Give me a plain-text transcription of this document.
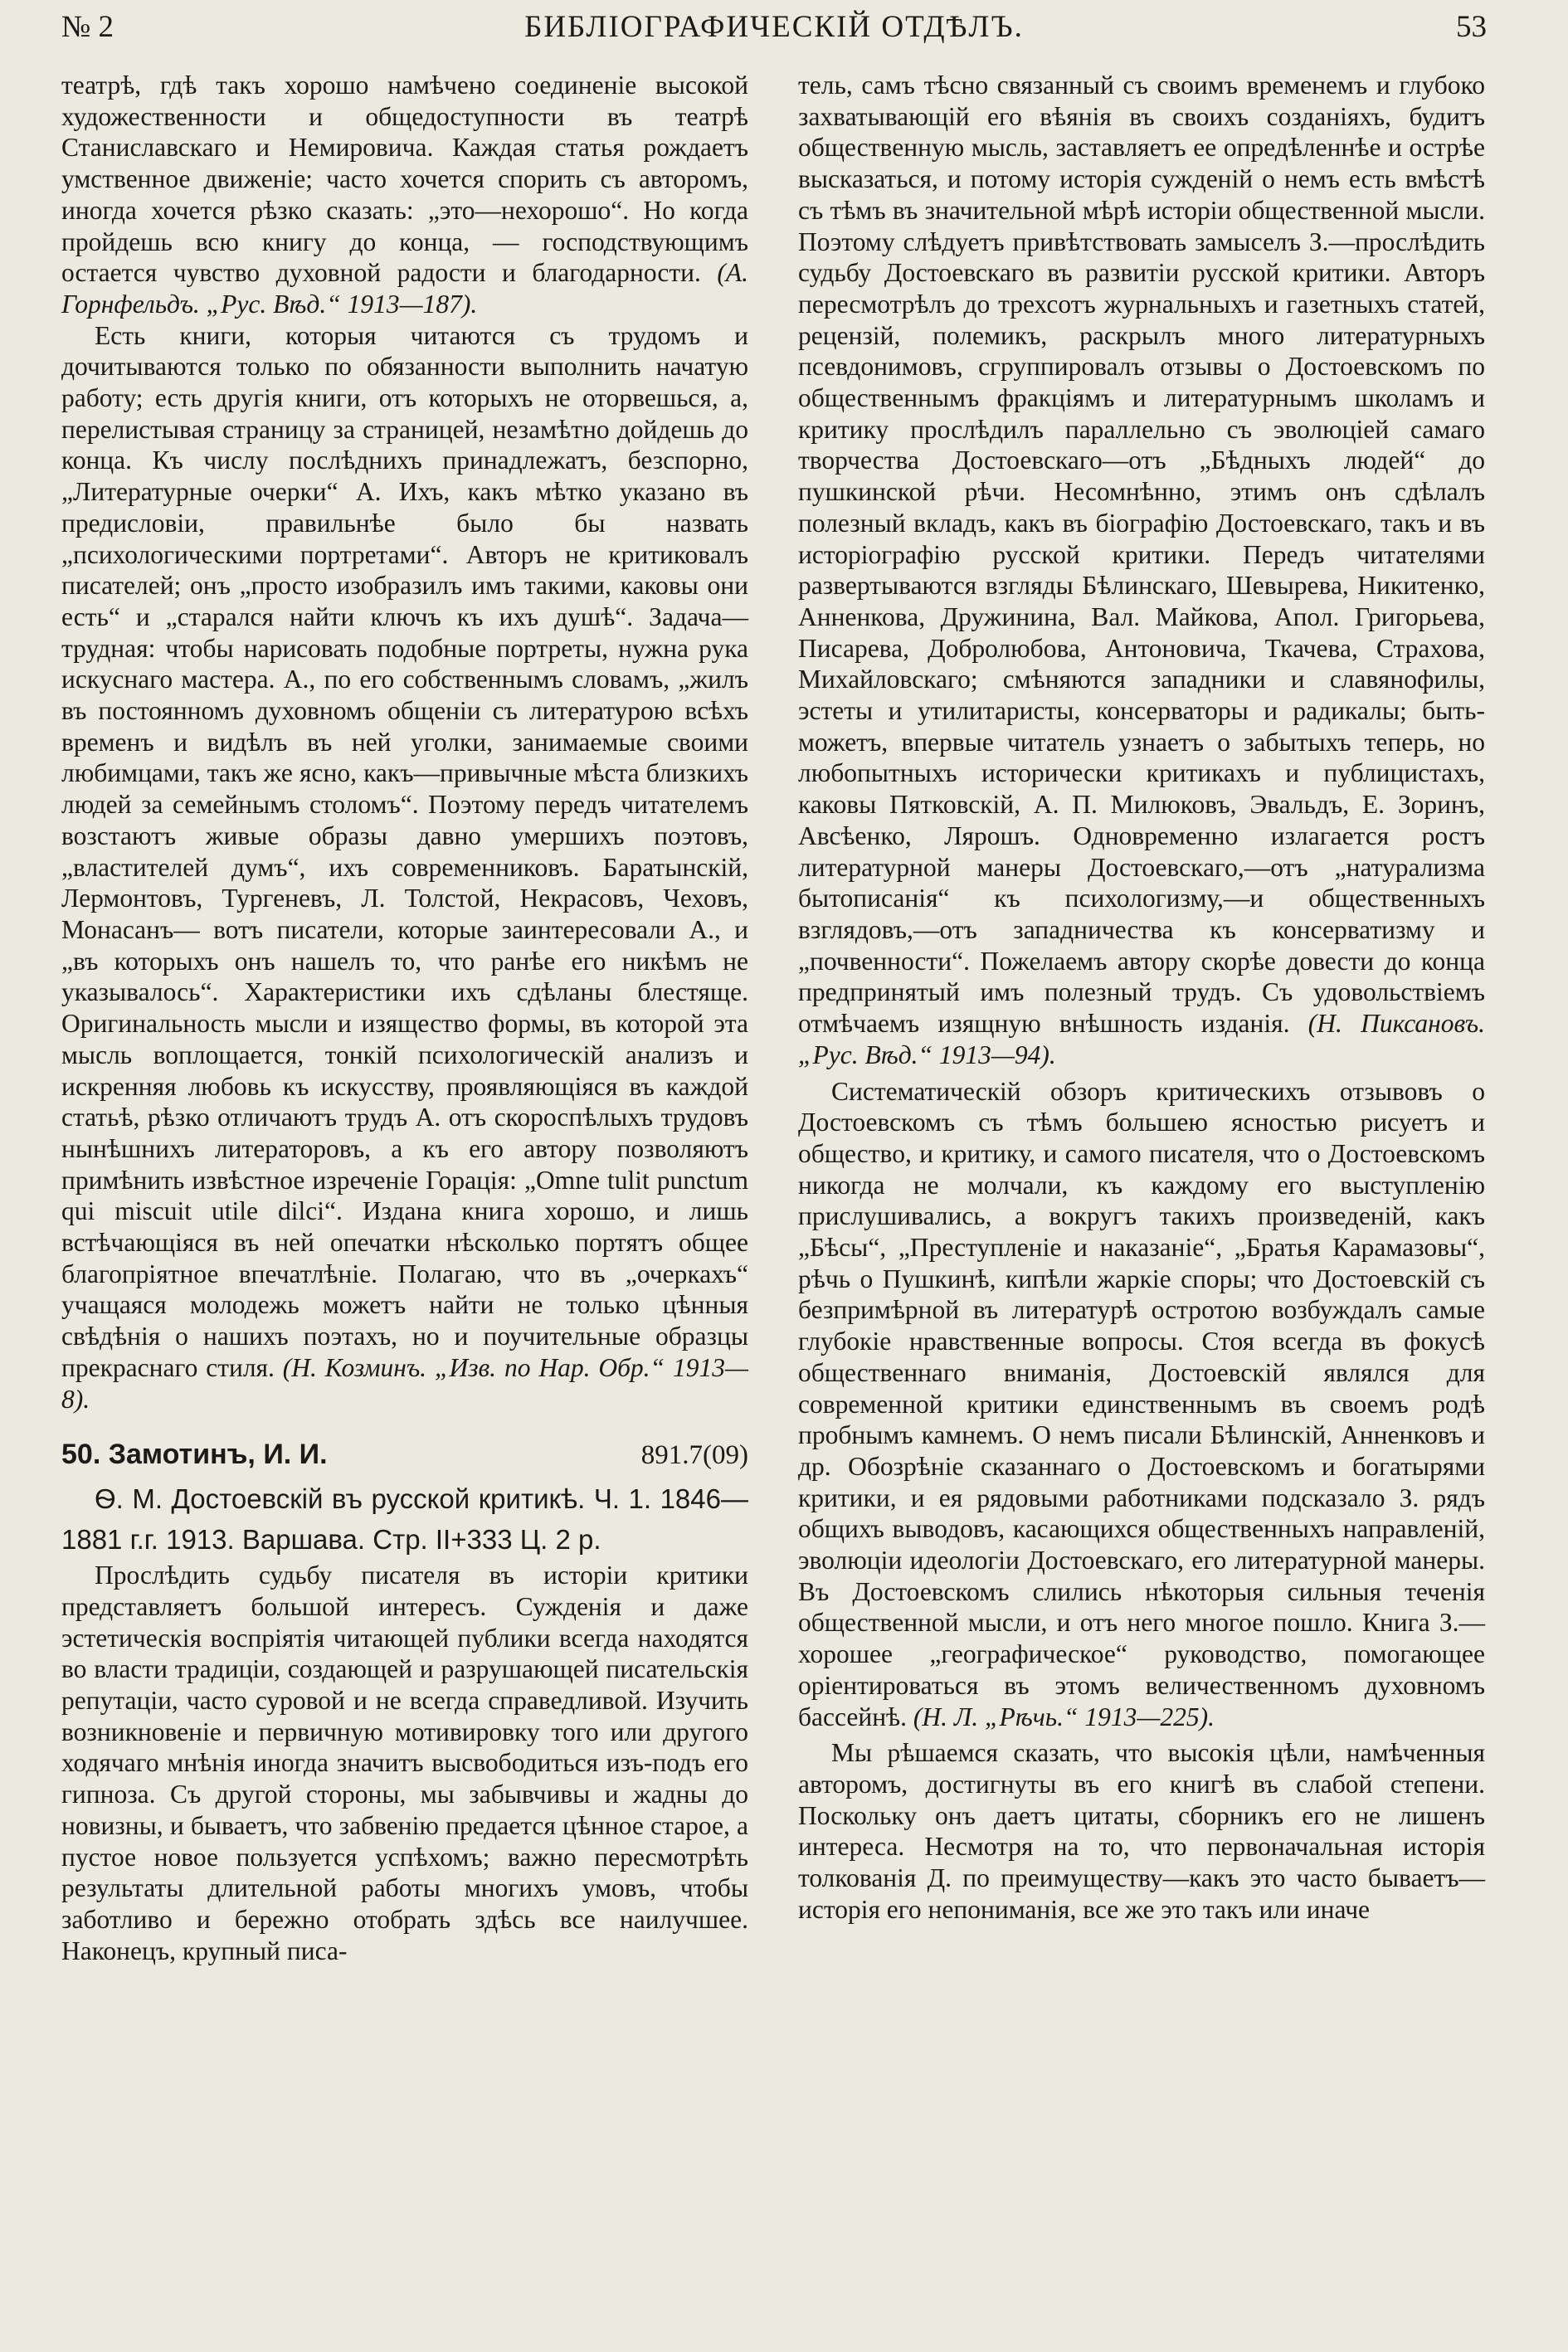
№ 2	БИБЛІОГРАФИЧЕСКІЙ ОТДѢЛЪ.	53

театрѣ, гдѣ такъ хорошо намѣчено соединеніе высокой художественности и общедоступности въ театрѣ Станиславскаго и Немировича. Каждая статья рождаетъ умственное движеніе; часто хочется спорить съ авторомъ, иногда хочется рѣзко сказать: „это—нехорошо“. Но когда пройдешь всю книгу до конца, — господствующимъ остается чувство духовной радости и благодарности. (А. Горнфельдъ. „Рус. Вѣд.“ 1913—187).

Есть книги, которыя читаются съ трудомъ и дочитываются только по обязанности выполнить начатую работу; есть другія книги, отъ которыхъ не оторвешься, а, перелистывая страницу за страницей, незамѣтно дойдешь до конца. Къ числу послѣднихъ принадлежатъ, безспорно, „Литературные очерки“ А. Ихъ, какъ мѣтко указано въ предисловіи, правильнѣе было бы назвать „психологическими портретами“. Авторъ не критиковалъ писателей; онъ „просто изобразилъ имъ такими, каковы они есть“ и „старался найти ключъ къ ихъ душѣ“. Задача—трудная: чтобы нарисовать подобные портреты, нужна рука искуснаго мастера. А., по его собственнымъ словамъ, „жилъ въ постоянномъ духовномъ общеніи съ литературою всѣхъ временъ и видѣлъ въ ней уголки, занимаемые своими любимцами, такъ же ясно, какъ—привычные мѣста близкихъ людей за семейнымъ столомъ“. Поэтому передъ читателемъ возстаютъ живые образы давно умершихъ поэтовъ, „властителей думъ“, ихъ современниковъ. Баратынскій, Лермонтовъ, Тургеневъ, Л. Толстой, Некрасовъ, Чеховъ, Монасанъ— вотъ писатели, которые заинтересовали А., и „въ которыхъ онъ нашелъ то, что ранѣе его никѣмъ не указывалось“. Характеристики ихъ сдѣланы блестяще. Оригинальность мысли и изящество формы, въ которой эта мысль воплощается, тонкій психологическій анализъ и искренняя любовь къ искусству, проявляющіяся въ каждой статьѣ, рѣзко отличаютъ трудъ А. отъ скороспѣлыхъ трудовъ нынѣшнихъ литераторовъ, а къ его автору позволяютъ примѣнить извѣстное изреченіе Горація: „Omne tulit punctum qui miscuit utile dilci“. Издана книга хорошо, и лишь встѣчающіяся въ ней опечатки нѣсколько портятъ общее благопріятное впечатлѣніе. Полагаю, что въ „очеркахъ“ учащаяся молодежь можетъ найти не только цѣнныя свѣдѣнія о нашихъ поэтахъ, но и поучительные образцы прекраснаго стиля. (Н. Козминъ. „Изв. по Нар. Обр.“ 1913—8).

50. Замотинъ, И. И.	891.7(09)
Ѳ. М. Достоевскій въ русской критикѣ. Ч. 1. 1846—1881 г.г. 1913. Варшава. Стр. II+333 Ц. 2 р.

Прослѣдить судьбу писателя въ исторіи критики представляетъ большой интересъ. Сужденія и даже эстетическія воспріятія читающей публики всегда находятся во власти традиціи, создающей и разрушающей писательскія репутаціи, часто суровой и не всегда справедливой. Изучить возникновеніе и первичную мотивировку того или другого ходячаго мнѣнія иногда значитъ высвободиться изъ-подъ его гипноза. Съ другой стороны, мы забывчивы и жадны до новизны, и бываетъ, что забвенію предается цѣнное старое, а пустое новое пользуется успѣхомъ; важно пересмотрѣть результаты длительной работы многихъ умовъ, чтобы заботливо и бережно отобрать здѣсь все наилучшее. Наконецъ, крупный писа-

тель, самъ тѣсно связанный съ своимъ временемъ и глубоко захватывающій его вѣянія въ своихъ созданіяхъ, будитъ общественную мысль, заставляетъ ее опредѣленнѣе и острѣе высказаться, и потому исторія сужденій о немъ есть вмѣстѣ съ тѣмъ въ значительной мѣрѣ исторіи общественной мысли. Поэтому слѣдуетъ привѣтствовать замыселъ З.—прослѣдить судьбу Достоевскаго въ развитіи русской критики. Авторъ пересмотрѣлъ до трехсотъ журнальныхъ и газетныхъ статей, рецензій, полемикъ, раскрылъ много литературныхъ псевдонимовъ, сгруппировалъ отзывы о Достоевскомъ по общественнымъ фракціямъ и литературнымъ школамъ и критику прослѣдилъ параллельно съ эволюціей самаго творчества Достоевскаго—отъ „Бѣдныхъ людей“ до пушкинской рѣчи. Несомнѣнно, этимъ онъ сдѣлалъ полезный вкладъ, какъ въ біографію Достоевскаго, такъ и въ исторіографію русской критики. Передъ читателями развертываются взгляды Бѣлинскаго, Шевырева, Никитенко, Анненкова, Дружинина, Вал. Майкова, Апол. Григорьева, Писарева, Добролюбова, Антоновича, Ткачева, Страхова, Михайловскаго; смѣняются западники и славянофилы, эстеты и утилитаристы, консерваторы и радикалы; быть-можетъ, впервые читатель узнаетъ о забытыхъ теперь, но любопытныхъ исторически критикахъ и публицистахъ, каковы Пятковскій, А. П. Милюковъ, Эвальдъ, Е. Зоринъ, Авсѣенко, Лярошъ. Одновременно излагается ростъ литературной манеры Достоевскаго,—отъ „натурализма бытописанія“ къ психологизму,—и общественныхъ взглядовъ,—отъ западничества къ консерватизму и „почвенности“. Пожелаемъ автору скорѣе довести до конца предпринятый имъ полезный трудъ. Съ удовольствіемъ отмѣчаемъ изящную внѣшность изданія. (Н. Пиксановъ. „Рус. Вѣд.“ 1913—94).

Систематическій обзоръ критическихъ отзывовъ о Достоевскомъ съ тѣмъ большею ясностью рисуетъ и общество, и критику, и самого писателя, что о Достоевскомъ никогда не молчали, къ каждому его выступленію прислушивались, а вокругъ такихъ произведеній, какъ „Бѣсы“, „Преступленіе и наказаніе“, „Братья Карамазовы“, рѣчь о Пушкинѣ, кипѣли жаркіе споры; что Достоевскій съ безпримѣрной въ литературѣ остротою возбуждалъ самые глубокіе нравственные вопросы. Стоя всегда въ фокусѣ общественнаго вниманія, Достоевскій являлся для современной критики единственнымъ въ своемъ родѣ пробнымъ камнемъ. О немъ писали Бѣлинскій, Анненковъ и др. Обозрѣніе сказаннаго о Достоевскомъ и богатырями критики, и ея рядовыми работниками подсказало З. рядъ общихъ выводовъ, касающихся общественныхъ направленій, эволюціи идеологіи Достоевскаго, его литературной манеры. Въ Достоевскомъ слились нѣкоторыя сильныя теченія общественной мысли, и отъ него многое пошло. Книга З.—хорошее „географическое“ руководство, помогающее оріентироваться въ этомъ величественномъ духовномъ бассейнѣ. (Н. Л. „Рѣчь.“ 1913—225).

Мы рѣшаемся сказать, что высокія цѣли, намѣченныя авторомъ, достигнуты въ его книгѣ въ слабой степени. Поскольку онъ даетъ цитаты, сборникъ его не лишенъ интереса. Несмотря на то, что первоначальная исторія толкованія Д. по преимуществу—какъ это часто бываетъ—исторія его непониманія, все же это такъ или иначе
